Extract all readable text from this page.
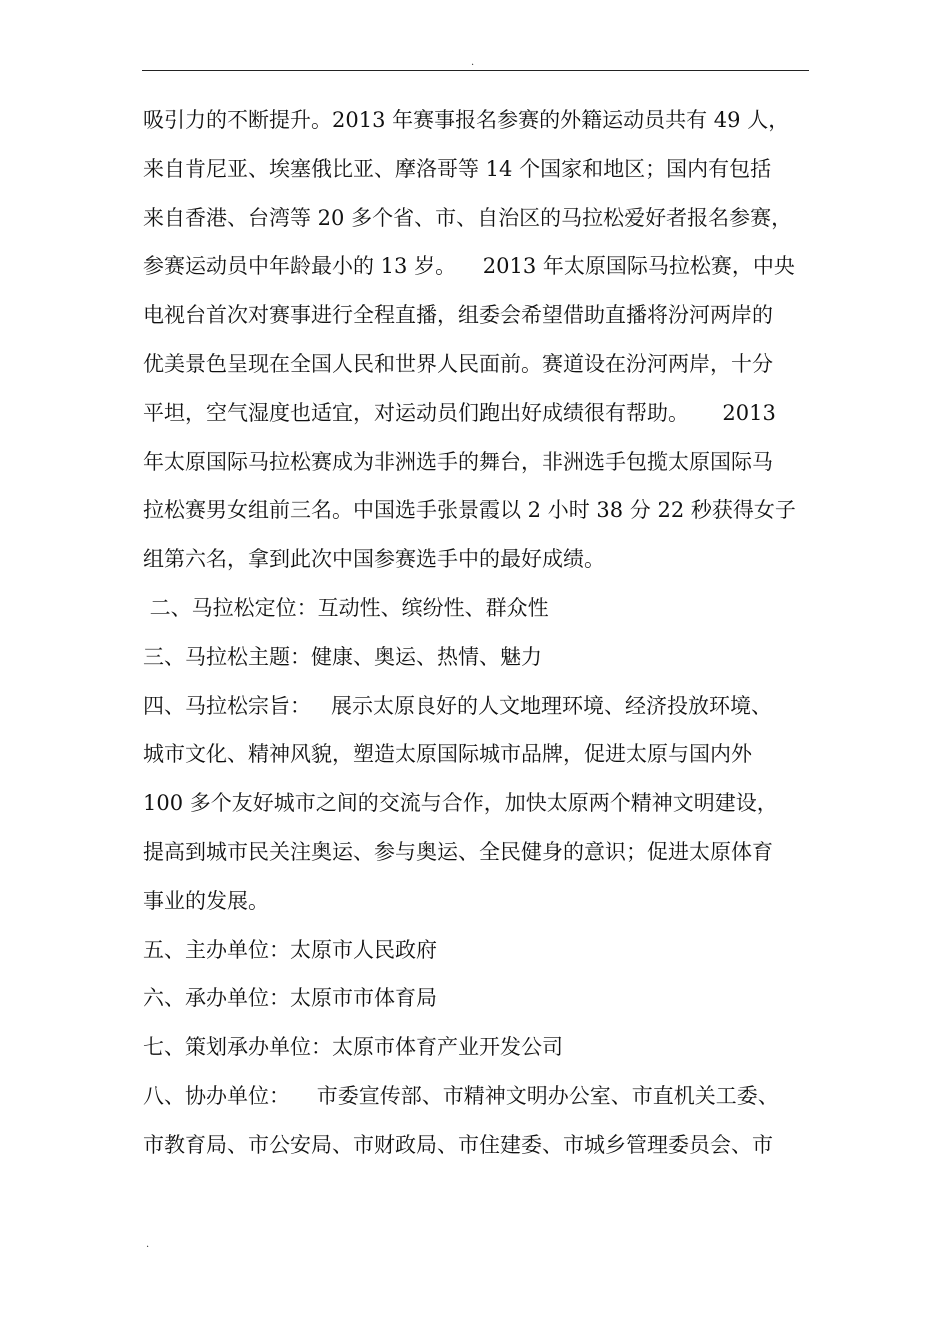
.
吸引力的不断提升。2013 年赛事报名参赛的外籍运动员共有 49 人，
来自肯尼亚、埃塞俄比亚、摩洛哥等 14 个国家和地区；国内有包括
来自香港、台湾等 20 多个省、市、自治区的马拉松爱好者报名参赛，
参赛运动员中年龄最小的 13 岁。    2013 年太原国际马拉松赛，中央
电视台首次对赛事进行全程直播，组委会希望借助直播将汾河两岸的
优美景色呈现在全国人民和世界人民面前。赛道设在汾河两岸，十分
平坦，空气湿度也适宜，对运动员们跑出好成绩很有帮助。     2013
年太原国际马拉松赛成为非洲选手的舞台，非洲选手包揽太原国际马
拉松赛男女组前三名。中国选手张景霞以 2 小时 38 分 22 秒获得女子
组第六名，拿到此次中国参赛选手中的最好成绩。
二、马拉松定位：互动性、缤纷性、群众性
三、马拉松主题：健康、奥运、热情、魅力
四、马拉松宗旨：   展示太原良好的人文地理环境、经济投放环境、
城市文化、精神风貌，塑造太原国际城市品牌，促进太原与国内外
100 多个友好城市之间的交流与合作，加快太原两个精神文明建设，
提高到城市民关注奥运、参与奥运、全民健身的意识；促进太原体育
事业的发展。
五、主办单位：太原市人民政府
六、承办单位：太原市市体育局
七、策划承办单位：太原市体育产业开发公司
八、协办单位：    市委宣传部、市精神文明办公室、市直机关工委、
市教育局、市公安局、市财政局、市住建委、市城乡管理委员会、市
.
